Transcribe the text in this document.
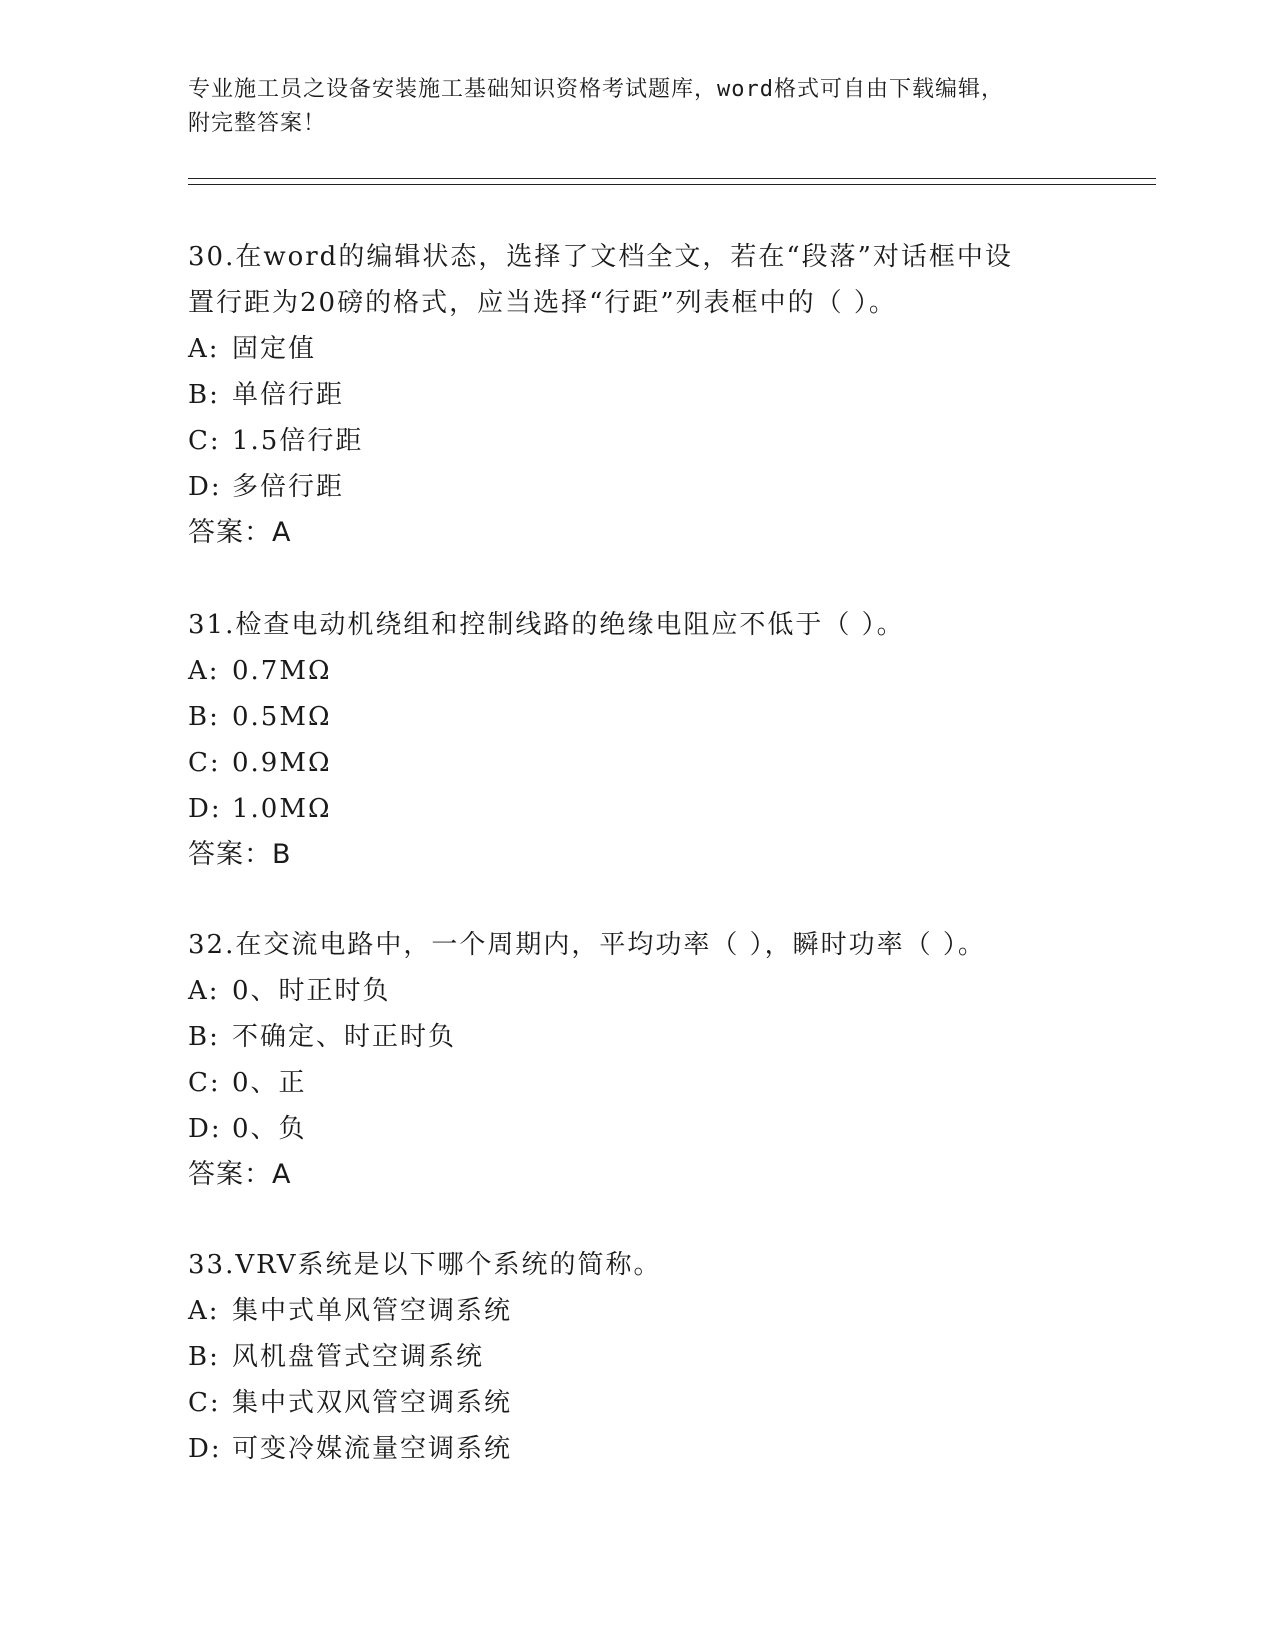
专业施工员之设备安装施工基础知识资格考试题库，word格式可自由下载编辑，
附完整答案！
30.在word的编辑状态，选择了文档全文，若在“段落”对话框中设
置行距为20磅的格式，应当选择“行距”列表框中的（ ）。
A: 固定值
B: 单倍行距
C: 1.5倍行距
D: 多倍行距
答案：A
31.检查电动机绕组和控制线路的绝缘电阻应不低于（ ）。
A: 0.7MΩ
B: 0.5MΩ
C: 0.9MΩ
D: 1.0MΩ
答案：B
32.在交流电路中，一个周期内，平均功率（ ），瞬时功率（ ）。
A: 0、时正时负
B: 不确定、时正时负
C: 0、正
D: 0、负
答案：A
33.VRV系统是以下哪个系统的简称。
A: 集中式单风管空调系统
B: 风机盘管式空调系统
C: 集中式双风管空调系统
D: 可变冷媒流量空调系统
